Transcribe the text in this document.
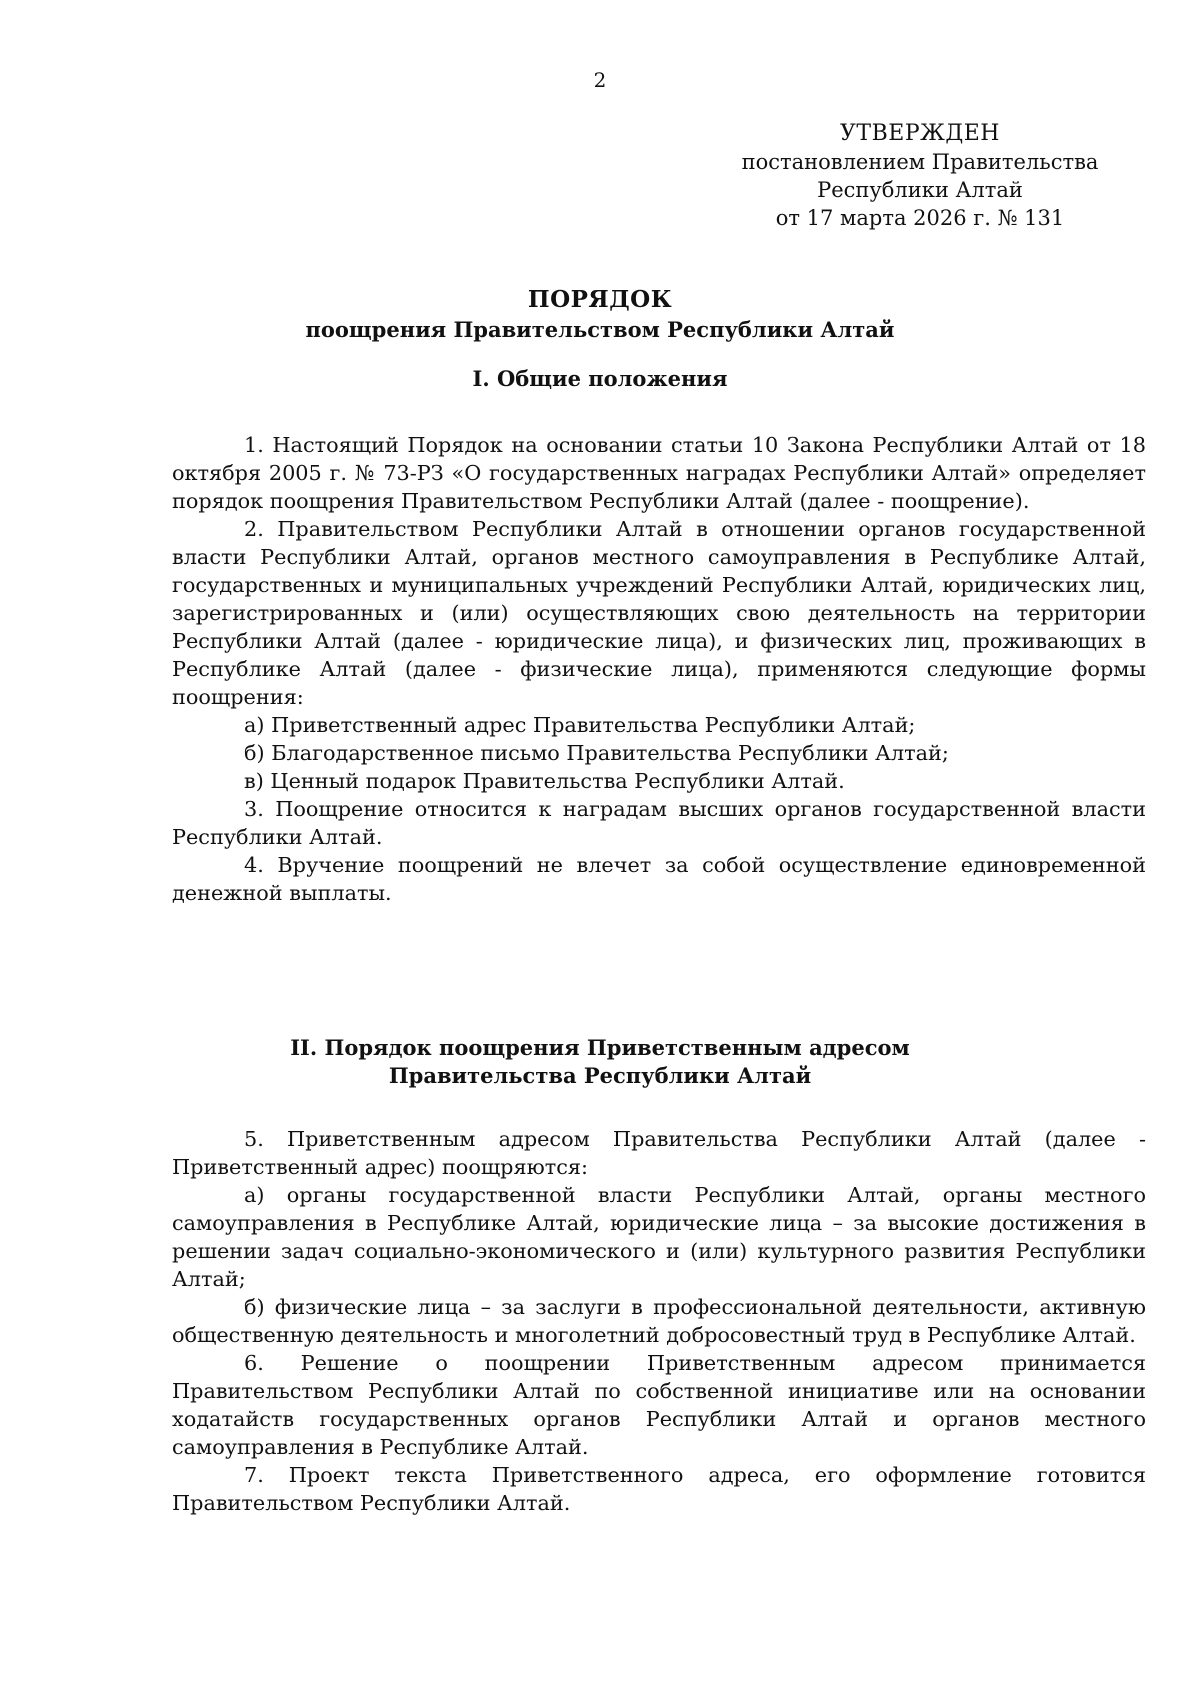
2
УТВЕРЖДЕН
постановлением Правительства
Республики Алтай
от 17 марта 2026 г. № 131
ПОРЯДОК
поощрения Правительством Республики Алтай
I. Общие положения

1. Настоящий Порядок на основании статьи 10 Закона Республики Алтай от 18 октября 2005 г. № 73-РЗ «О государственных наградах Республики Алтай» определяет порядок поощрения Правительством Республики Алтай (далее - поощрение).

2. Правительством Республики Алтай в отношении органов государственной власти Республики Алтай, органов местного самоуправления в Республике Алтай, государственных и муниципальных учреждений Республики Алтай, юридических лиц, зарегистрированных и (или) осуществляющих свою деятельность на территории Республики Алтай (далее - юридические лица), и физических лиц, проживающих в Республике Алтай (далее - физические лица), применяются следующие формы поощрения:

а) Приветственный адрес Правительства Республики Алтай;

б) Благодарственное письмо Правительства Республики Алтай;

в) Ценный подарок Правительства Республики Алтай.

3. Поощрение относится к наградам высших органов государственной власти Республики Алтай.

4. Вручение поощрений не влечет за собой осуществление единовременной денежной выплаты.

II. Порядок поощрения Приветственным адресом
Правительства Республики Алтай

5. Приветственным адресом Правительства Республики Алтай (далее - Приветственный адрес) поощряются:

а) органы государственной власти Республики Алтай, органы местного самоуправления в Республике Алтай, юридические лица – за высокие достижения в решении задач социально-экономического и (или) культурного развития Республики Алтай;

б) физические лица – за заслуги в профессиональной деятельности, активную общественную деятельность и многолетний добросовестный труд в Республике Алтай.

6. Решение о поощрении Приветственным адресом принимается Правительством Республики Алтай по собственной инициативе или на основании ходатайств государственных органов Республики Алтай и органов местного самоуправления в Республике Алтай.

7. Проект текста Приветственного адреса, его оформление готовится Правительством Республики Алтай.
